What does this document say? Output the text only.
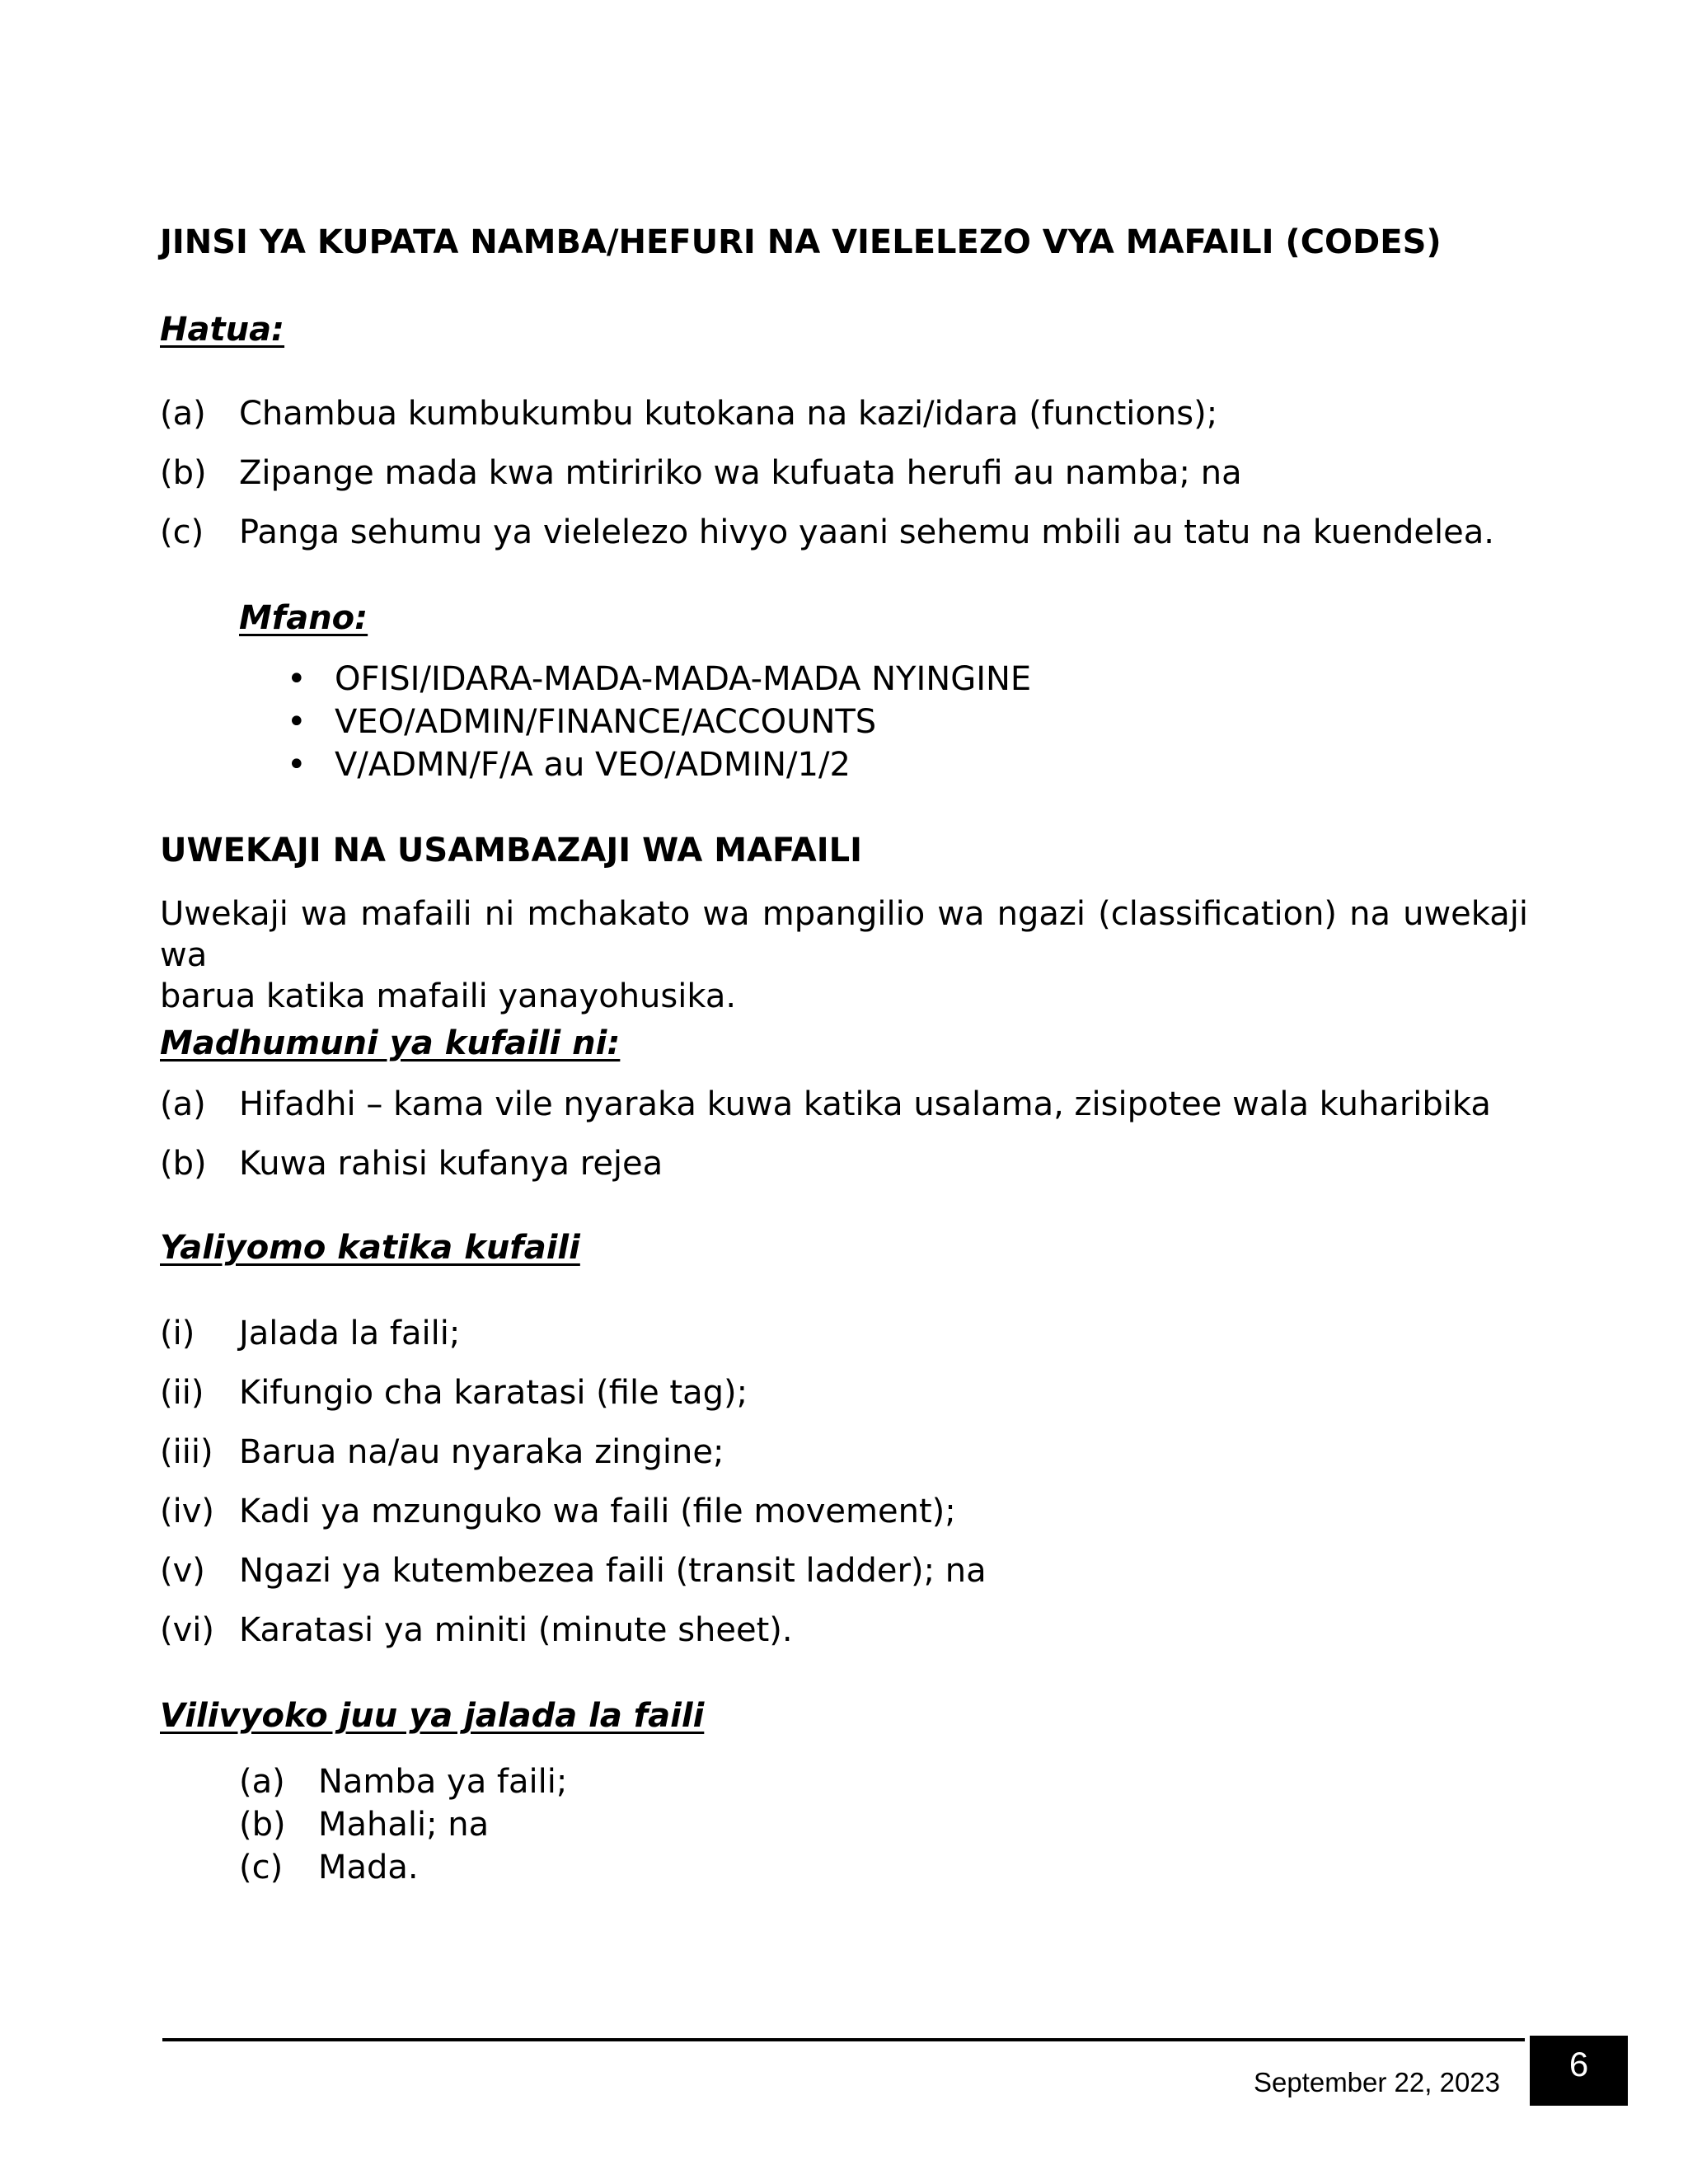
JINSI YA KUPATA NAMBA/HEFURI NA VIELELEZO VYA MAFAILI (CODES)
Hatua:
(a)	Chambua kumbukumbu kutokana na kazi/idara (functions);
(b) Zipange mada kwa mtiririko wa kufuata herufi au namba; na
(c)	Panga sehumu ya vielelezo hivyo yaani sehemu mbili au tatu na kuendelea.
Mfano:
• OFISI/IDARA-MADA-MADA-MADA NYINGINE
• VEO/ADMIN/FINANCE/ACCOUNTS
• V/ADMN/F/A au VEO/ADMIN/1/2
UWEKAJI NA USAMBAZAJI WA MAFAILI
Uwekaji wa mafaili ni mchakato wa mpangilio wa ngazi (classification) na uwekaji wa
barua katika mafaili yanayohusika.
Madhumuni ya kufaili ni:
(a)	Hifadhi – kama vile nyaraka kuwa katika usalama, zisipotee wala kuharibika
(b) Kuwa rahisi kufanya rejea
Yaliyomo katika kufaili
(i)	Jalada la faili;
(ii)	Kifungio cha karatasi (file tag);
(iii) Barua na/au nyaraka zingine;
(iv) Kadi ya mzunguko wa faili (file movement);
(v)	Ngazi ya kutembezea faili (transit ladder); na
(vi) Karatasi ya miniti (minute sheet).
Vilivyoko juu ya jalada la faili
(a)	Namba ya faili;
(b) Mahali; na
(c)	Mada.
September 22, 2023	6
